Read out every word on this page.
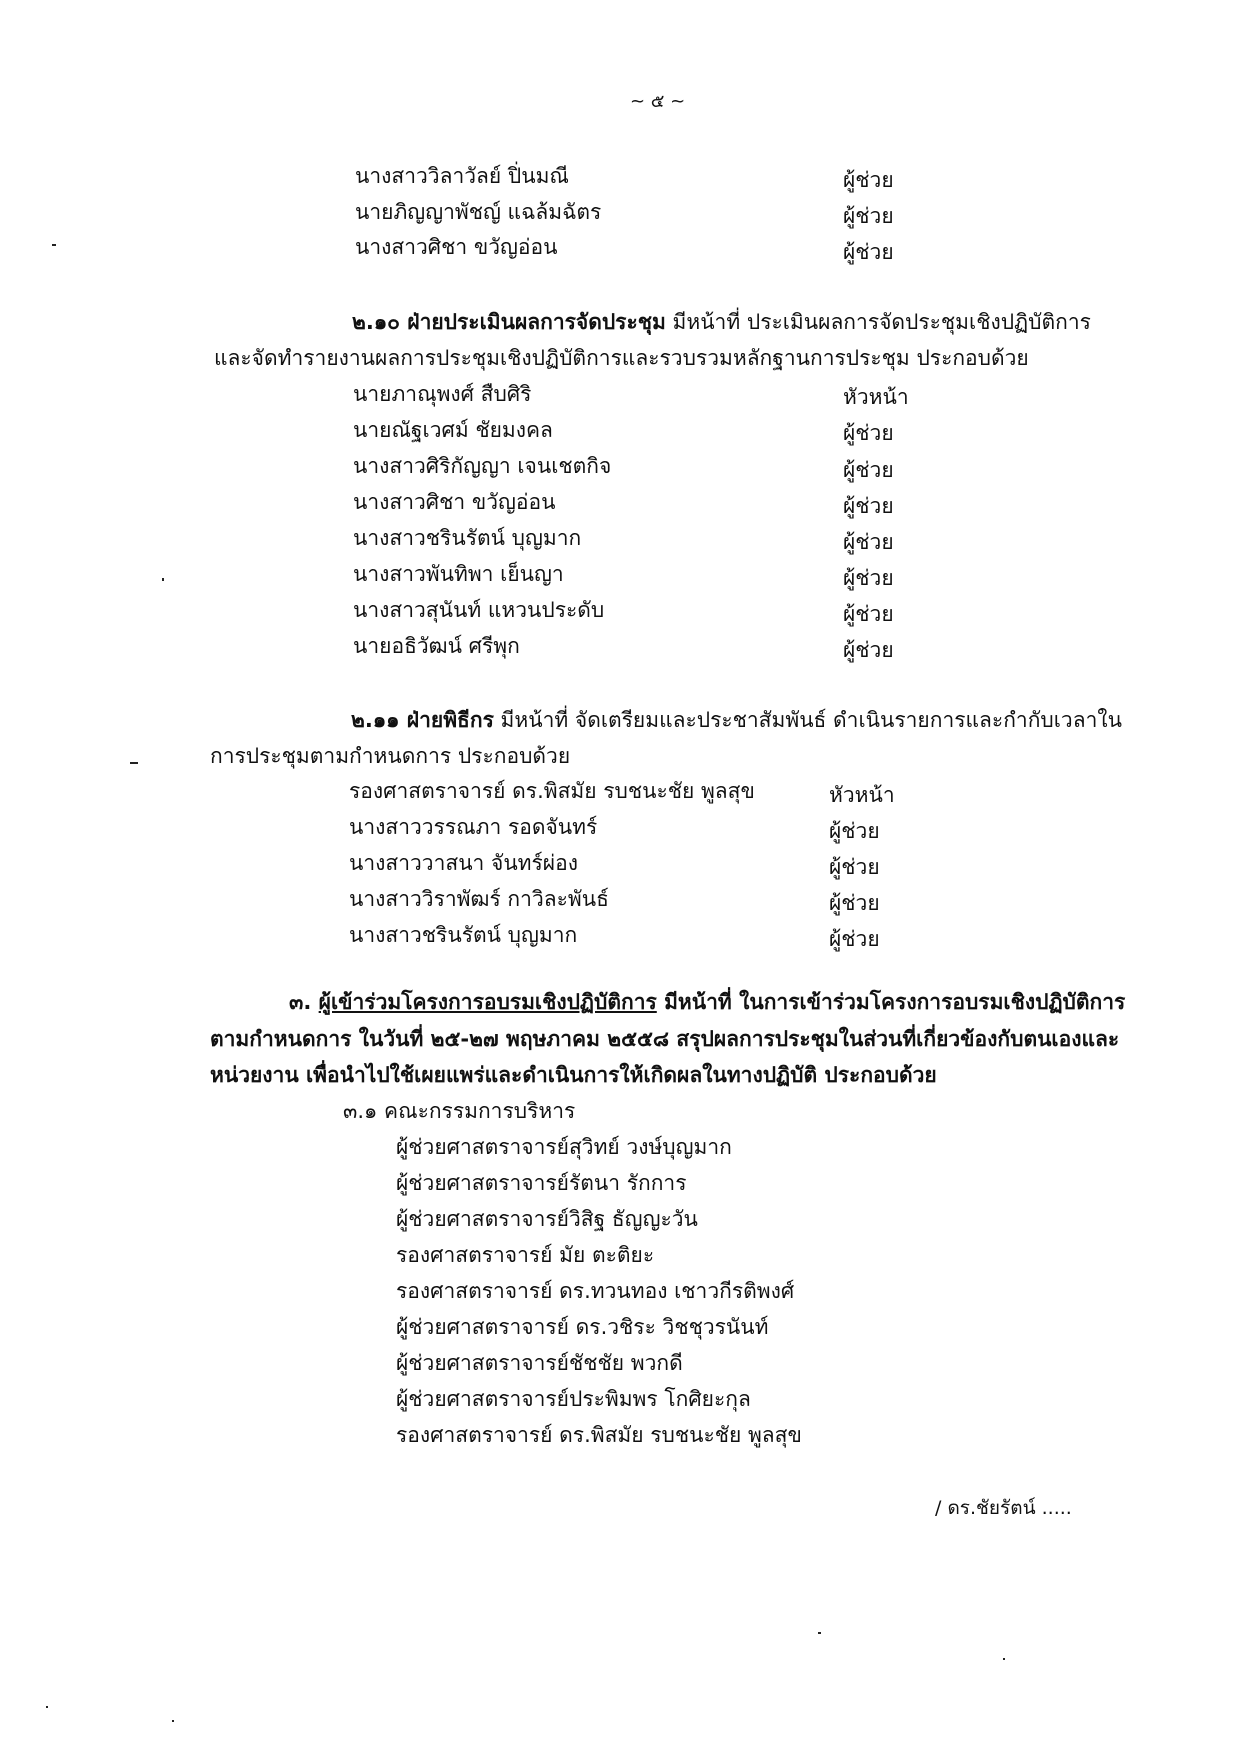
~ ๕ ~
นางสาววิลาวัลย์ ปิ่นมณี	ผู้ช่วย
นายภิญญาพัชญ์ แฉล้มฉัตร	ผู้ช่วย
นางสาวศิชา ขวัญอ่อน	ผู้ช่วย
๒.๑๐ ฝ่ายประเมินผลการจัดประชุม มีหน้าที่ ประเมินผลการจัดประชุมเชิงปฏิบัติการ
และจัดทำรายงานผลการประชุมเชิงปฏิบัติการและรวบรวมหลักฐานการประชุม ประกอบด้วย
นายภาณุพงศ์ สืบศิริ	หัวหน้า
นายณัฐเวศม์ ชัยมงคล	ผู้ช่วย
นางสาวศิริกัญญา เจนเชตกิจ	ผู้ช่วย
นางสาวศิชา ขวัญอ่อน	ผู้ช่วย
นางสาวชรินรัตน์ บุญมาก	ผู้ช่วย
นางสาวพันทิพา เย็นญา	ผู้ช่วย
นางสาวสุนันท์ แหวนประดับ	ผู้ช่วย
นายอธิวัฒน์ ศรีพุก	ผู้ช่วย
๒.๑๑ ฝ่ายพิธีกร มีหน้าที่ จัดเตรียมและประชาสัมพันธ์ ดำเนินรายการและกำกับเวลาใน
การประชุมตามกำหนดการ ประกอบด้วย
รองศาสตราจารย์ ดร.พิสมัย รบชนะชัย พูลสุข	หัวหน้า
นางสาววรรณภา รอดจันทร์	ผู้ช่วย
นางสาววาสนา จันทร์ผ่อง	ผู้ช่วย
นางสาววิราพัฒร์ กาวิละพันธ์	ผู้ช่วย
นางสาวชรินรัตน์ บุญมาก	ผู้ช่วย
๓. ผู้เข้าร่วมโครงการอบรมเชิงปฏิบัติการ มีหน้าที่ ในการเข้าร่วมโครงการอบรมเชิงปฏิบัติการ
ตามกำหนดการ ในวันที่ ๒๕-๒๗ พฤษภาคม ๒๕๕๘ สรุปผลการประชุมในส่วนที่เกี่ยวข้องกับตนเองและ
หน่วยงาน เพื่อนำไปใช้เผยแพร่และดำเนินการให้เกิดผลในทางปฏิบัติ ประกอบด้วย
๓.๑ คณะกรรมการบริหาร
ผู้ช่วยศาสตราจารย์สุวิทย์ วงษ์บุญมาก
ผู้ช่วยศาสตราจารย์รัตนา รักการ
ผู้ช่วยศาสตราจารย์วิสิฐ ธัญญะวัน
รองศาสตราจารย์ มัย ตะติยะ
รองศาสตราจารย์ ดร.ทวนทอง เชาวกีรติพงศ์
ผู้ช่วยศาสตราจารย์ ดร.วชิระ วิชชุวรนันท์
ผู้ช่วยศาสตราจารย์ชัชชัย พวกดี
ผู้ช่วยศาสตราจารย์ประพิมพร โกศิยะกุล
รองศาสตราจารย์ ดร.พิสมัย รบชนะชัย พูลสุข
/ ดร.ชัยรัตน์ .....
